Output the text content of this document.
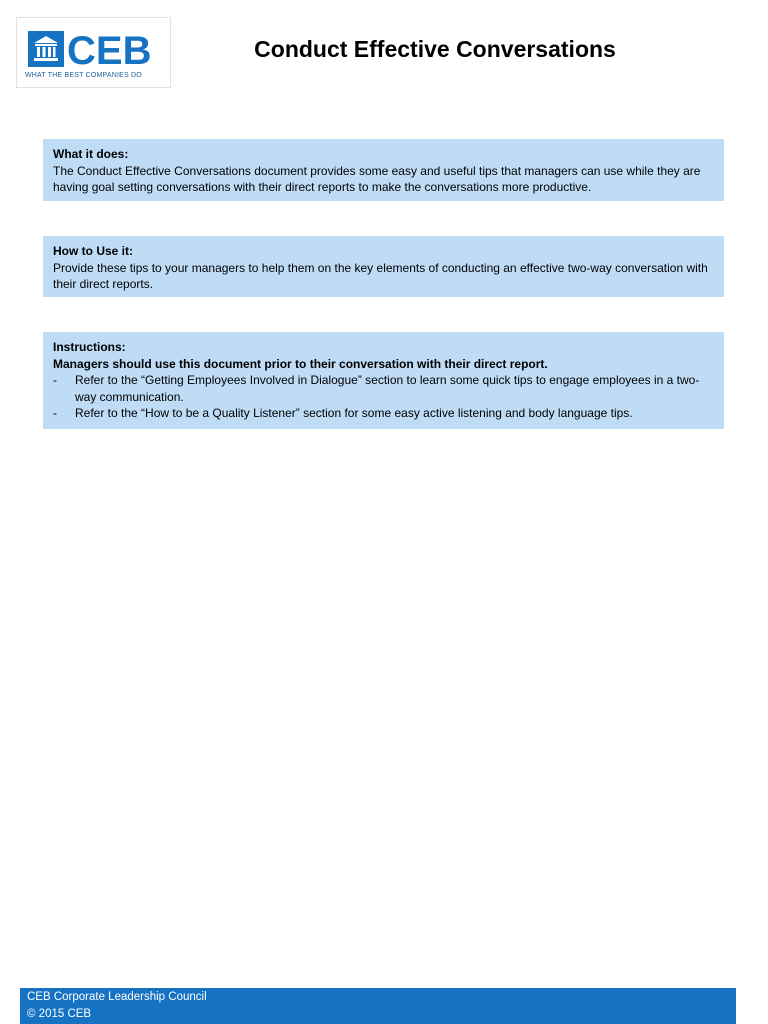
CEB
WHAT THE BEST COMPANIES DO
Conduct Effective Conversations
What it does:
The Conduct Effective Conversations document provides some easy and useful tips that managers can use while they are having goal setting conversations with their direct reports to make the conversations more productive.
How to Use it:
Provide these tips to your managers to help them on the key elements of conducting an effective two-way conversation with their direct reports.
Instructions:
Managers should use this document prior to their conversation with their direct report.
- Refer to the “Getting Employees Involved in Dialogue” section to learn some quick tips to engage employees in a two-way communication.
- Refer to the “How to be a Quality Listener” section for some easy active listening and body language tips.
CEB Corporate Leadership Council
© 2015 CEB
